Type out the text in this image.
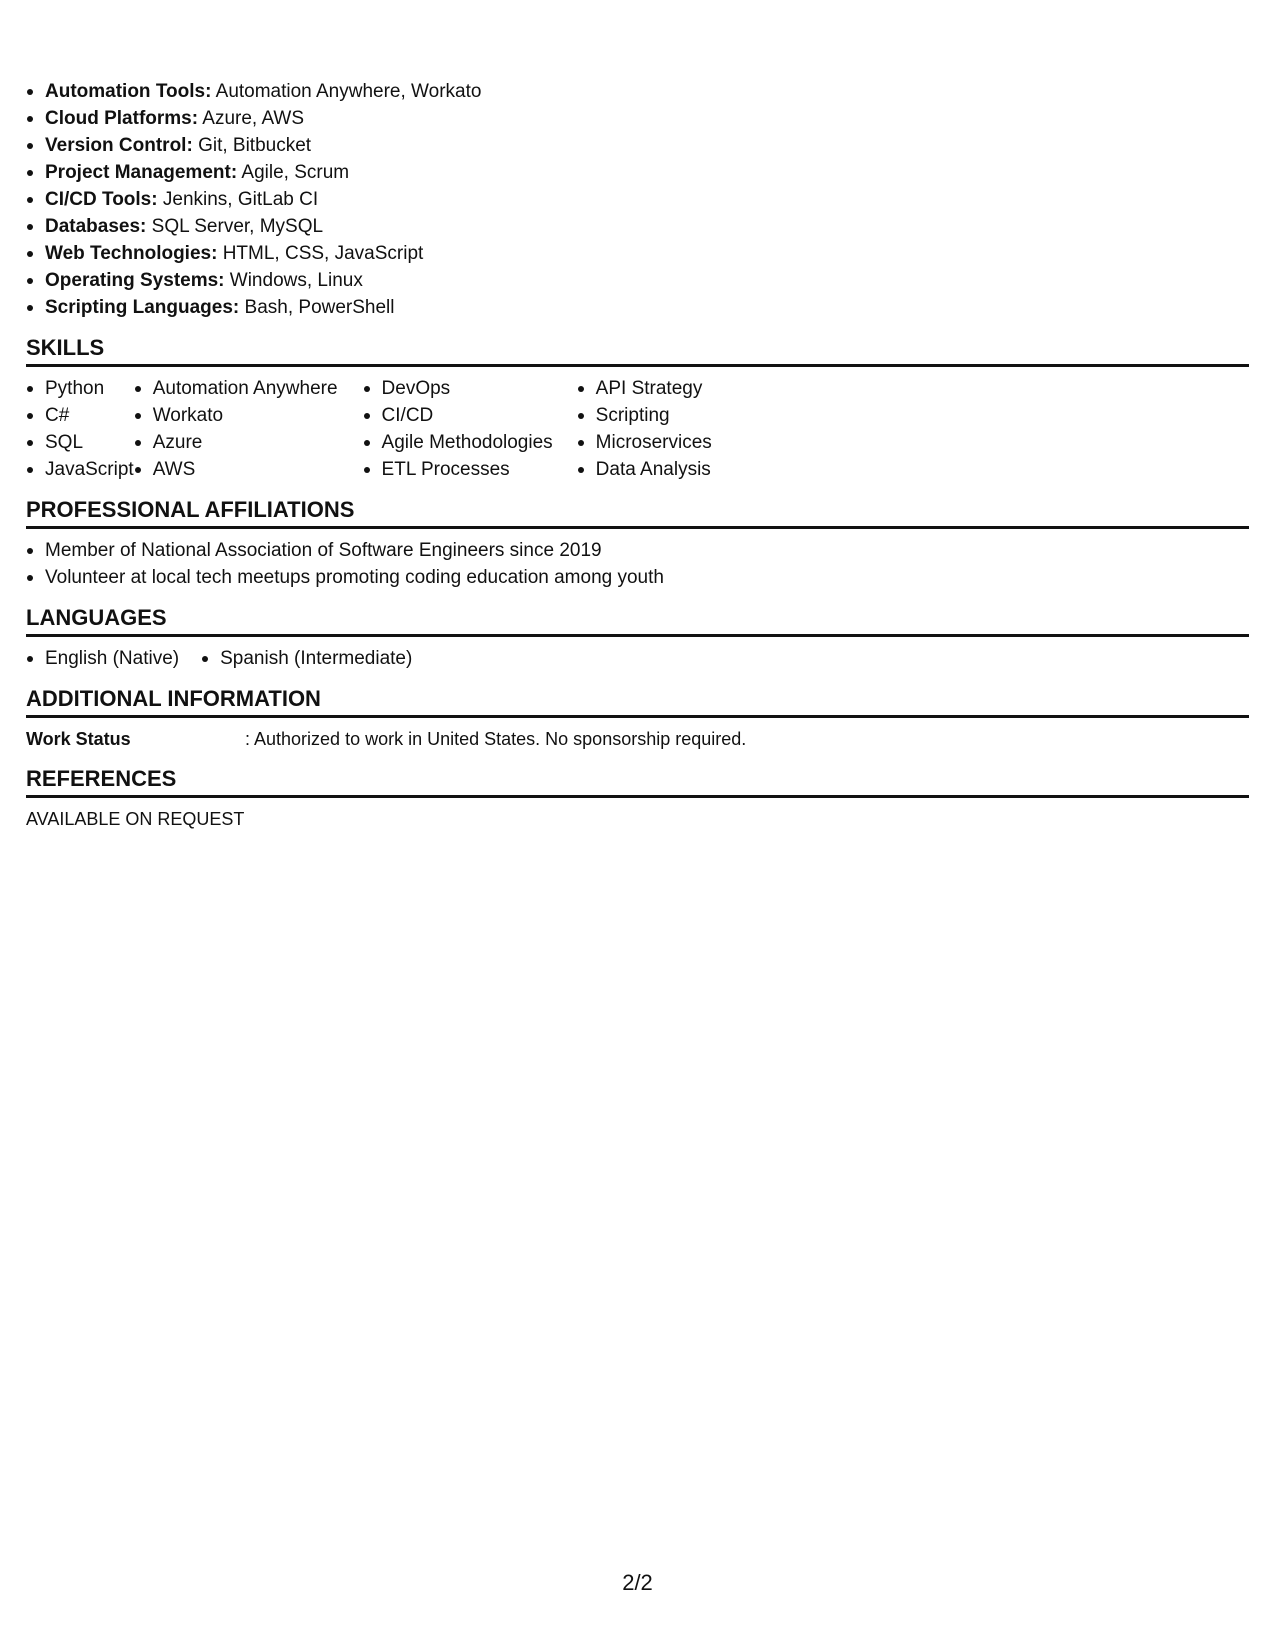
Automation Tools: Automation Anywhere, Workato
Cloud Platforms: Azure, AWS
Version Control: Git, Bitbucket
Project Management: Agile, Scrum
CI/CD Tools: Jenkins, GitLab CI
Databases: SQL Server, MySQL
Web Technologies: HTML, CSS, JavaScript
Operating Systems: Windows, Linux
Scripting Languages: Bash, PowerShell
SKILLS
Python
C#
SQL
JavaScript
Automation Anywhere
Workato
Azure
AWS
DevOps
CI/CD
Agile Methodologies
ETL Processes
API Strategy
Scripting
Microservices
Data Analysis
PROFESSIONAL AFFILIATIONS
Member of National Association of Software Engineers since 2019
Volunteer at local tech meetups promoting coding education among youth
LANGUAGES
English (Native)	Spanish (Intermediate)
ADDITIONAL INFORMATION
Work Status	: Authorized to work in United States. No sponsorship required.
REFERENCES
AVAILABLE ON REQUEST
2/2
